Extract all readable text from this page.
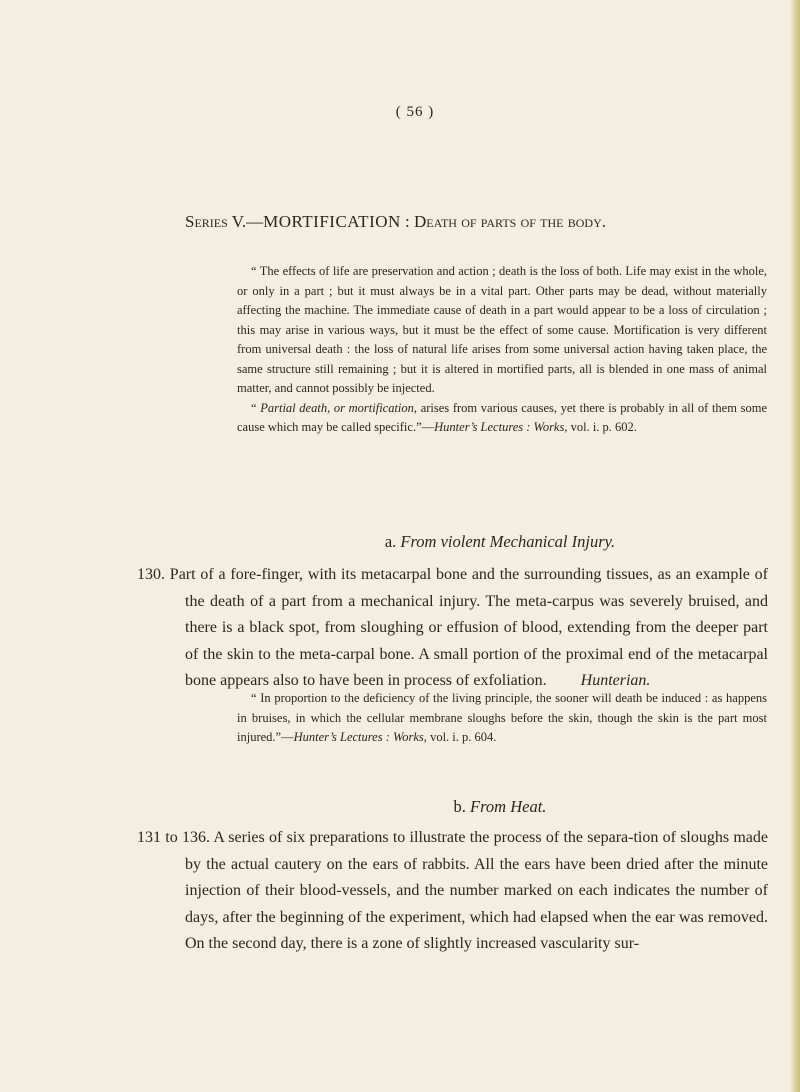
( 56 )
Series V.—MORTIFICATION : Death of parts of the body.

“ The effects of life are preservation and action ; death is the loss of both. Life may exist in the whole, or only in a part ; but it must always be in a vital part. Other parts may be dead, without materially affecting the machine. The immediate cause of death in a part would appear to be a loss of circulation ; this may arise in various ways, but it must be the effect of some cause. Mortification is very different from universal death : the loss of natural life arises from some universal action having taken place, the same structure still remaining ; but it is altered in mortified parts, all is blended in one mass of animal matter, and cannot possibly be injected.

“ Partial death, or mortification, arises from various causes, yet there is probably in all of them some cause which may be called specific.”—Hunter’s Lectures : Works, vol. i. p. 602.

a. From violent Mechanical Injury.

130. Part of a fore-finger, with its metacarpal bone and the surrounding tissues, as an example of the death of a part from a mechanical injury. The meta-carpus was severely bruised, and there is a black spot, from sloughing or effusion of blood, extending from the deeper part of the skin to the meta-carpal bone. A small portion of the proximal end of the metacarpal bone appears also to have been in process of exfoliation. Hunterian.

“ In proportion to the deficiency of the living principle, the sooner will death be induced : as happens in bruises, in which the cellular membrane sloughs before the skin, though the skin is the part most injured.”—Hunter’s Lectures : Works, vol. i. p. 604.

b. From Heat.

131 to 136. A series of six preparations to illustrate the process of the separa-tion of sloughs made by the actual cautery on the ears of rabbits. All the ears have been dried after the minute injection of their blood-vessels, and the number marked on each indicates the number of days, after the beginning of the experiment, which had elapsed when the ear was removed. On the second day, there is a zone of slightly increased vascularity sur-
